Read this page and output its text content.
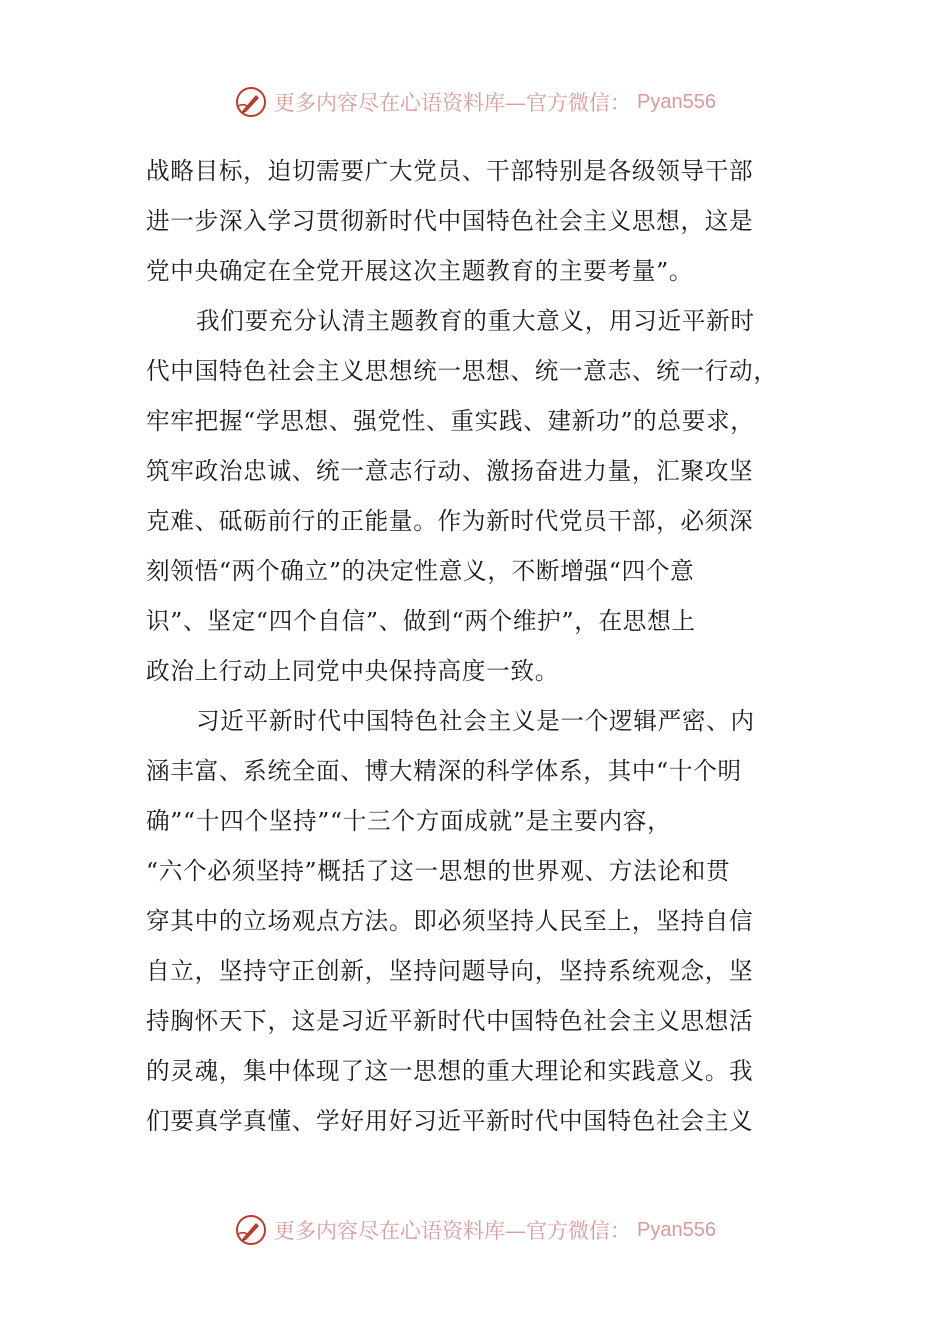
更多内容尽在心语资料库—官方微信： Pyan556
战略目标，迫切需要广大党员、干部特别是各级领导干部
进一步深入学习贯彻新时代中国特色社会主义思想，这是
党中央确定在全党开展这次主题教育的主要考量”。
我们要充分认清主题教育的重大意义，用习近平新时
代中国特色社会主义思想统一思想、统一意志、统一行动，
牢牢把握“学思想、强党性、重实践、建新功”的总要求，
筑牢政治忠诚、统一意志行动、激扬奋进力量，汇聚攻坚
克难、砥砺前行的正能量。作为新时代党员干部，必须深
刻领悟“两个确立”的决定性意义，不断增强“四个意
识”、坚定“四个自信”、做到“两个维护”，在思想上
政治上行动上同党中央保持高度一致。
习近平新时代中国特色社会主义是一个逻辑严密、内
涵丰富、系统全面、博大精深的科学体系，其中“十个明
确”“十四个坚持”“十三个方面成就”是主要内容，
“六个必须坚持”概括了这一思想的世界观、方法论和贯
穿其中的立场观点方法。即必须坚持人民至上，坚持自信
自立，坚持守正创新，坚持问题导向，坚持系统观念，坚
持胸怀天下，这是习近平新时代中国特色社会主义思想活
的灵魂，集中体现了这一思想的重大理论和实践意义。我
们要真学真懂、学好用好习近平新时代中国特色社会主义
更多内容尽在心语资料库—官方微信： Pyan556
